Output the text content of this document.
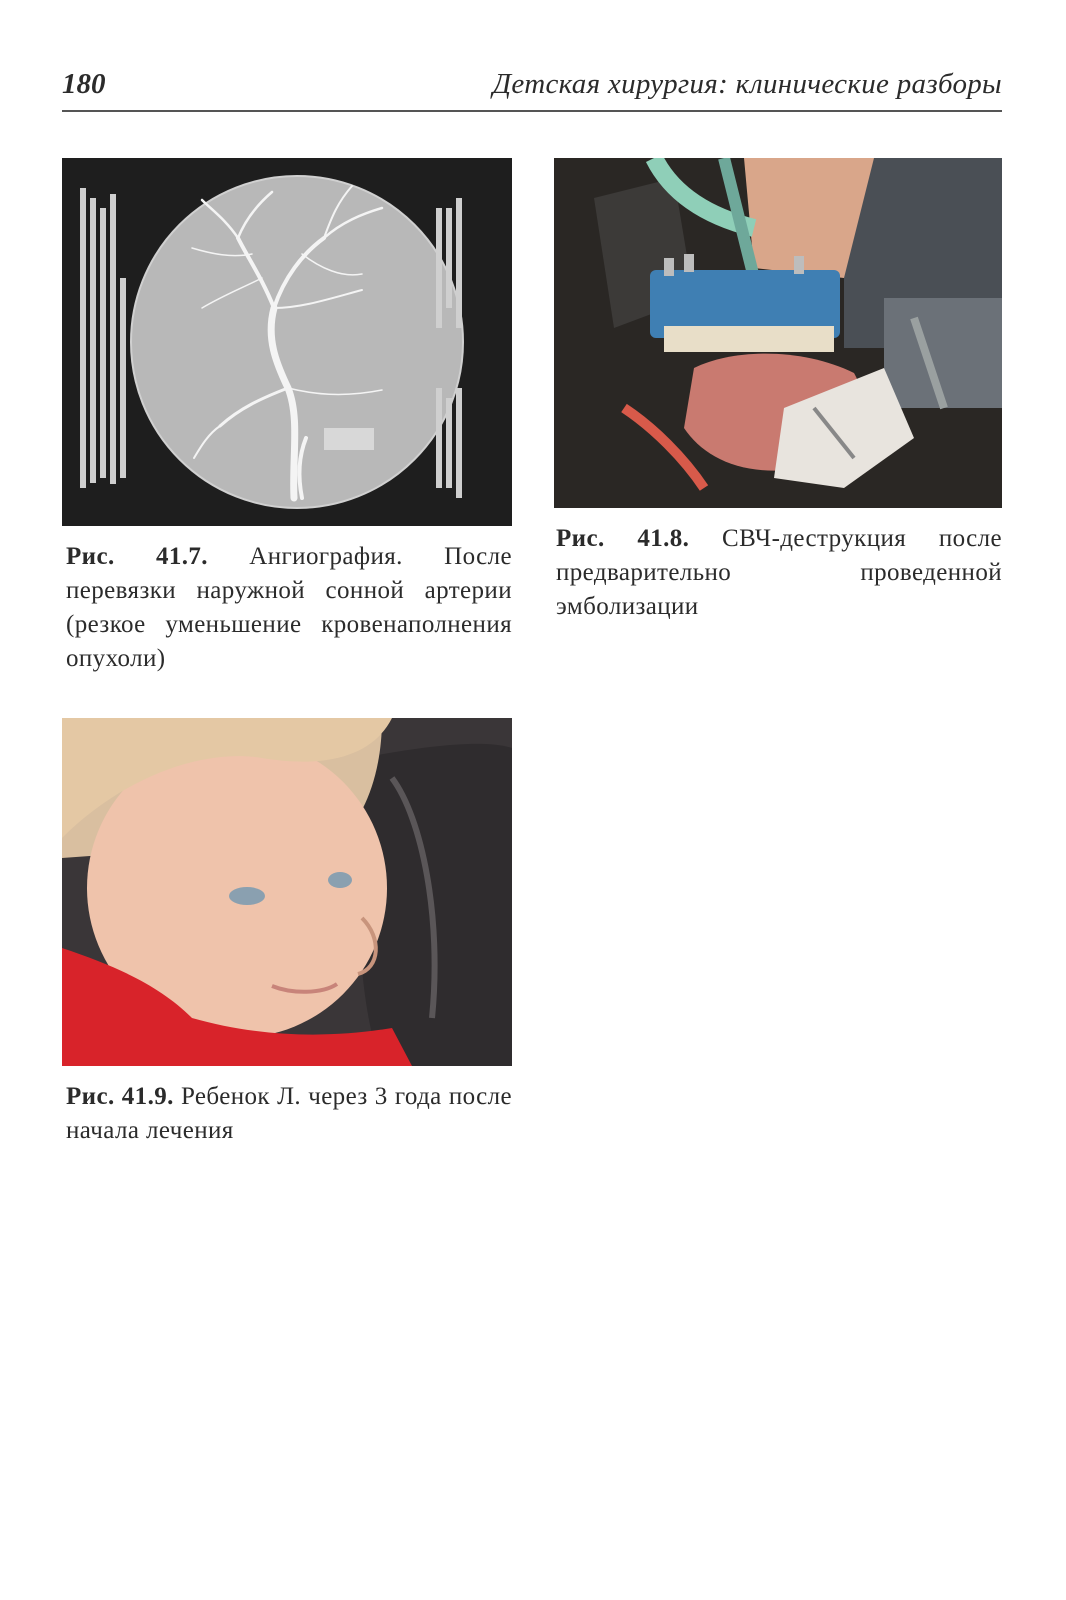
180	Детская хирургия: клинические разборы
Рис. 41.7. Ангиография. После перевязки наружной сонной артерии (резкое уменьшение кровенаполнения опухоли)
Рис. 41.8. СВЧ-деструкция после предварительно проведенной эмболизации
Рис. 41.9. Ребенок Л. через 3 года после начала лечения
